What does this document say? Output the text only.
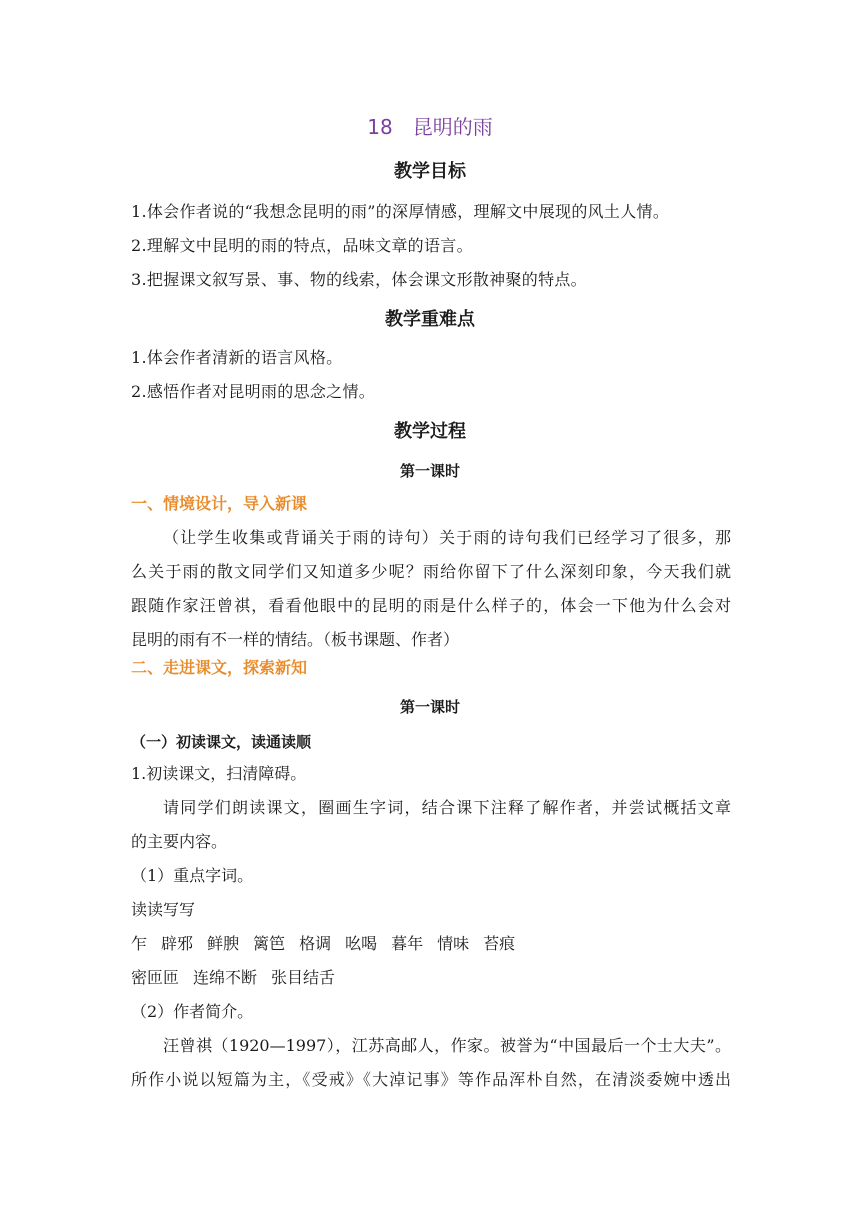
18　昆明的雨
教学目标
1.体会作者说的“我想念昆明的雨”的深厚情感，理解文中展现的风土人情。
2.理解文中昆明的雨的特点，品味文章的语言。
3.把握课文叙写景、事、物的线索，体会课文形散神聚的特点。
教学重难点
1.体会作者清新的语言风格。
2.感悟作者对昆明雨的思念之情。
教学过程
第一课时
一、情境设计，导入新课
（让学生收集或背诵关于雨的诗句）关于雨的诗句我们已经学习了很多，那
么关于雨的散文同学们又知道多少呢？雨给你留下了什么深刻印象，今天我们就
跟随作家汪曾祺，看看他眼中的昆明的雨是什么样子的，体会一下他为什么会对
昆明的雨有不一样的情结。（板书课题、作者）
二、走进课文，探索新知
第一课时
（一）初读课文，读通读顺
1.初读课文，扫清障碍。
请同学们朗读课文，圈画生字词，结合课下注释了解作者，并尝试概括文章
的主要内容。
（1）重点字词。
读读写写
乍 辟邪 鲜腴 篱笆 格调 吆喝 暮年 情味 苔痕
密匝匝 连绵不断 张目结舌
（2）作者简介。
汪曾祺（1920—1997），江苏高邮人，作家。被誉为“中国最后一个士大夫”。
所作小说以短篇为主，《受戒》《大淖记事》等作品浑朴自然，在清淡委婉中透出
